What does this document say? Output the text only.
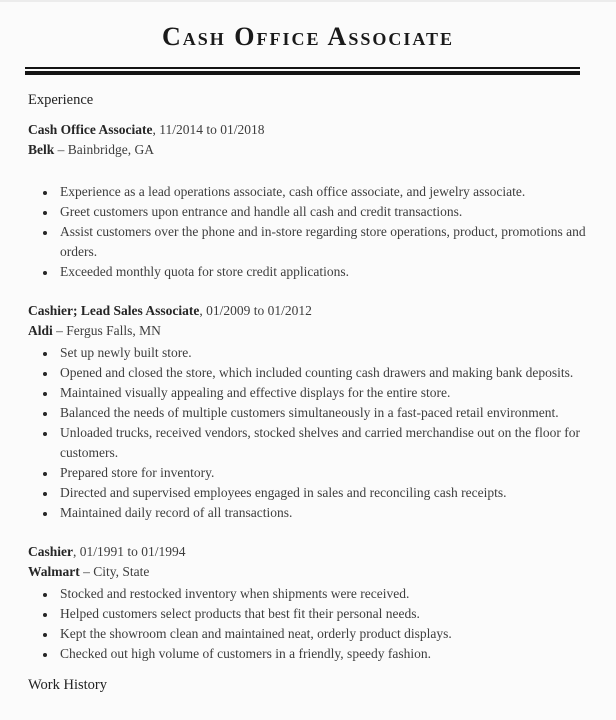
Cash Office Associate
Experience
Cash Office Associate, 11/2014 to 01/2018
Belk – Bainbridge, GA
• Experience as a lead operations associate, cash office associate, and jewelry associate.
• Greet customers upon entrance and handle all cash and credit transactions.
• Assist customers over the phone and in-store regarding store operations, product, promotions and orders.
• Exceeded monthly quota for store credit applications.
Cashier; Lead Sales Associate, 01/2009 to 01/2012
Aldi – Fergus Falls, MN
• Set up newly built store.
• Opened and closed the store, which included counting cash drawers and making bank deposits.
• Maintained visually appealing and effective displays for the entire store.
• Balanced the needs of multiple customers simultaneously in a fast-paced retail environment.
• Unloaded trucks, received vendors, stocked shelves and carried merchandise out on the floor for customers.
• Prepared store for inventory.
• Directed and supervised employees engaged in sales and reconciling cash receipts.
• Maintained daily record of all transactions.
Cashier, 01/1991 to 01/1994
Walmart – City, State
• Stocked and restocked inventory when shipments were received.
• Helped customers select products that best fit their personal needs.
• Kept the showroom clean and maintained neat, orderly product displays.
• Checked out high volume of customers in a friendly, speedy fashion.
Work History
